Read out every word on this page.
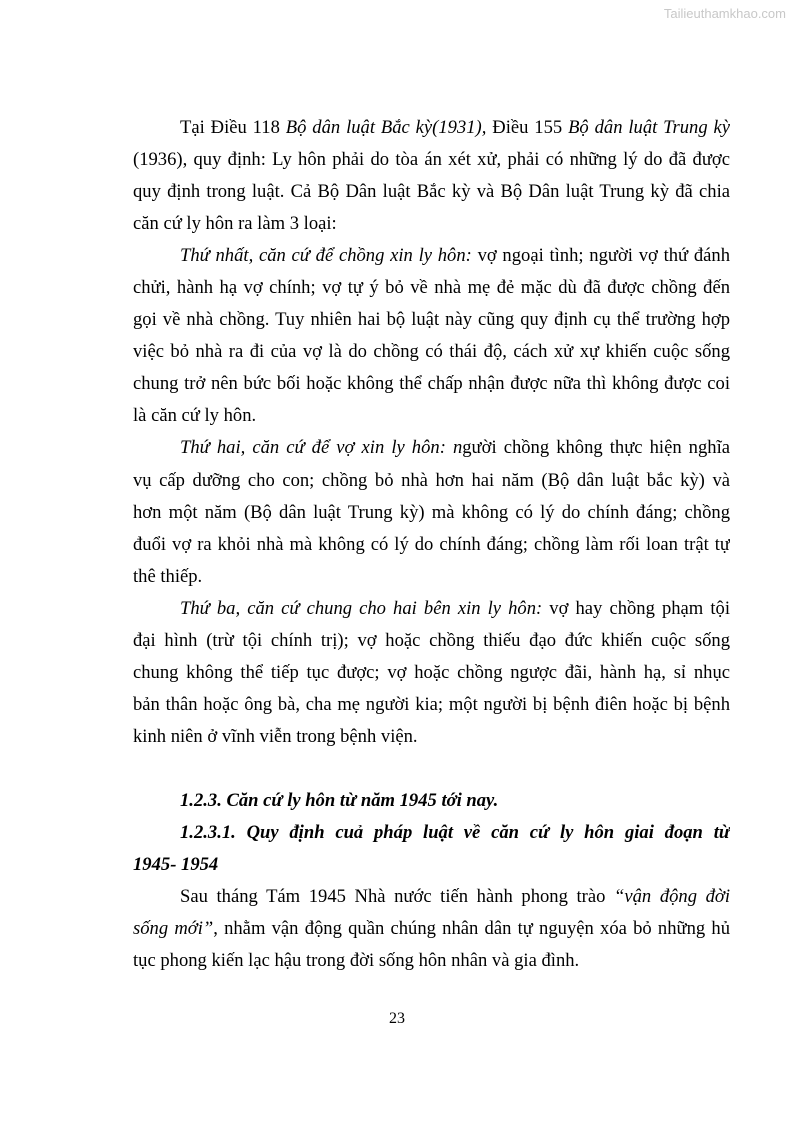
Tailieuthamkhao.com
Tại Điều 118 Bộ dân luật Bắc kỳ(1931), Điều 155 Bộ dân luật Trung kỳ
(1936), quy định: Ly hôn phải do tòa án xét xử, phải có những lý do đã được
quy định trong luật. Cả Bộ Dân luật Bắc kỳ và Bộ Dân luật Trung kỳ đã chia
căn cứ ly hôn ra làm 3 loại:
Thứ nhất, căn cứ để chồng xin ly hôn: vợ ngoại tình; người vợ thứ đánh
chửi, hành hạ vợ chính; vợ tự ý bỏ về nhà mẹ đẻ mặc dù đã được chồng đến
gọi về nhà chồng. Tuy nhiên hai bộ luật này cũng quy định cụ thể trường hợp
việc bỏ nhà ra đi của vợ là do chồng có thái độ, cách xử xự khiến cuộc sống
chung trở nên bức bối hoặc không thể chấp nhận được nữa thì không được coi
là căn cứ ly hôn.
Thứ hai, căn cứ để vợ xin ly hôn: người chồng không thực hiện nghĩa
vụ cấp dưỡng cho con; chồng bỏ nhà hơn hai năm (Bộ dân luật bắc kỳ) và
hơn một năm (Bộ dân luật Trung kỳ) mà không có lý do chính đáng; chồng
đuổi vợ ra khỏi nhà mà không có lý do chính đáng; chồng làm rối loan trật tự
thê thiếp.
Thứ ba, căn cứ chung cho hai bên xin ly hôn: vợ hay chồng phạm tội
đại hình (trừ tội chính trị); vợ hoặc chồng thiếu đạo đức khiến cuộc sống
chung không thể tiếp tục được; vợ hoặc chồng ngược đãi, hành hạ, sỉ nhục
bản thân hoặc ông bà, cha mẹ người kia; một người bị bệnh điên hoặc bị bệnh
kinh niên ở vĩnh viễn trong bệnh viện.

1.2.3. Căn cứ ly hôn từ năm 1945 tới nay.
1.2.3.1. Quy định cuả pháp luật về căn cứ ly hôn giai đoạn từ
1945- 1954
Sau tháng Tám 1945 Nhà nước tiến hành phong trào “vận động đời
sống mới”, nhằm vận động quần chúng nhân dân tự nguyện xóa bỏ những hủ
tục phong kiến lạc hậu trong đời sống hôn nhân và gia đình.
23
